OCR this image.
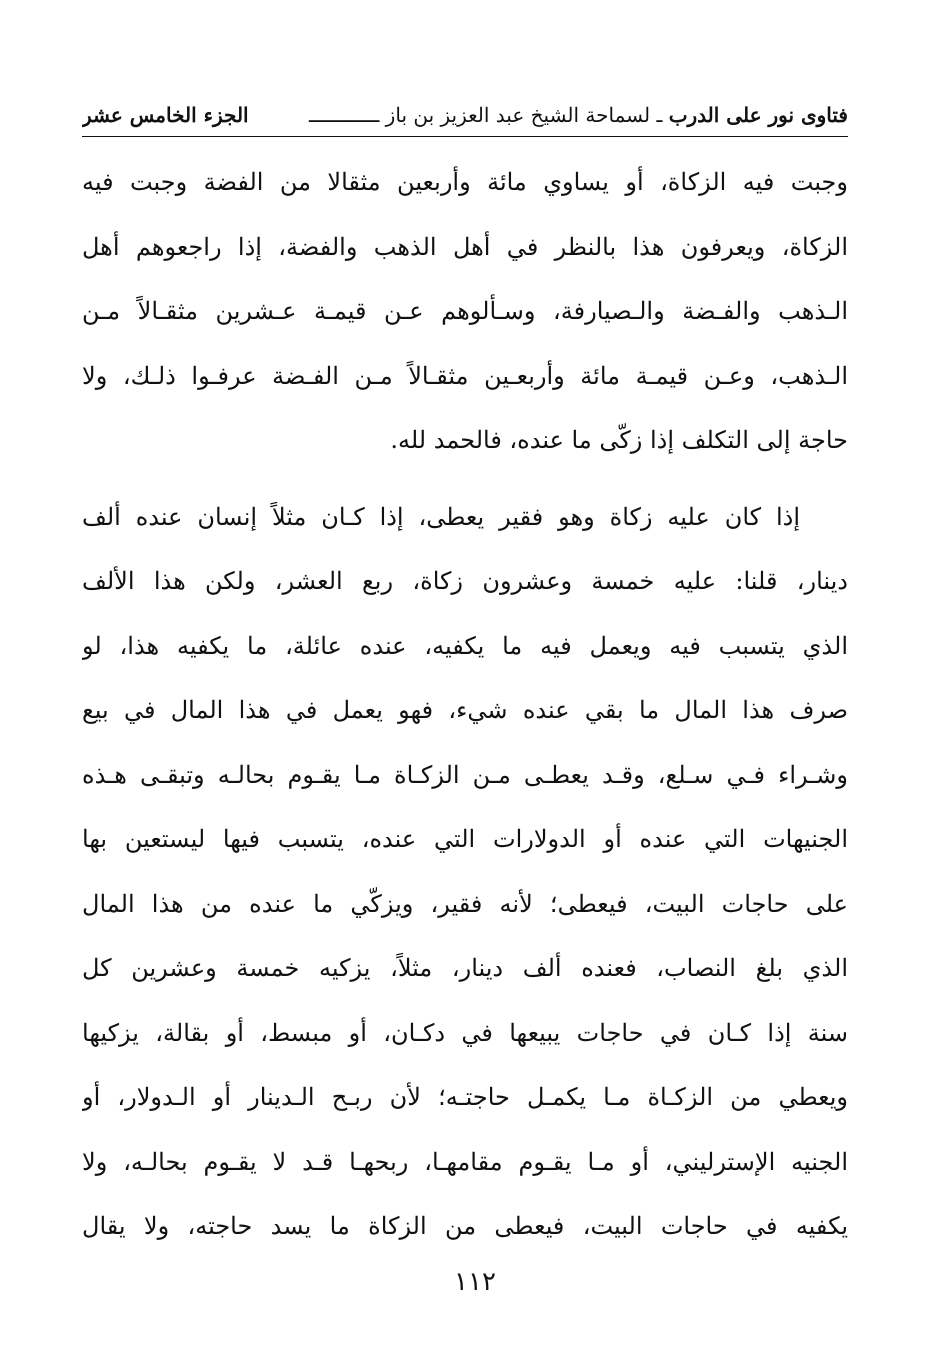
فتاوى نور على الدرب ـ لسماحة الشيخ عبد العزيز بن باز ــــــــــــ
الجزء الخامس عشر
وجبت فيه الزكاة، أو يساوي مائة وأربعين مثقالا من الفضة وجبت فيه
الزكاة، ويعرفون هذا بالنظر في أهل الذهب والفضة، إذا راجعوهم أهل
الـذهب والفـضة والـصيارفة، وسـألوهم عـن قيمـة عـشرين مثقـالاً مـن
الـذهب، وعـن قيمـة مائة وأربعـين مثقـالاً مـن الفـضة عرفـوا ذلـك، ولا
حاجة إلى التكلف إذا زكّى ما عنده، فالحمد لله.
إذا كان عليه زكاة وهو فقير يعطى، إذا كـان مثلاً إنسان عنده ألف
دينار، قلنا: عليه خمسة وعشرون زكاة، ربع العشر، ولكن هذا الألف
الذي يتسبب فيه ويعمل فيه ما يكفيه، عنده عائلة، ما يكفيه هذا، لو
صرف هذا المال ما بقي عنده شيء، فهو يعمل في هذا المال في بيع
وشـراء فـي سـلع، وقـد يعطـى مـن الزكـاة مـا يقـوم بحالـه وتبقـى هـذه
الجنيهات التي عنده أو الدولارات التي عنده، يتسبب فيها ليستعين بها
على حاجات البيت، فيعطى؛ لأنه فقير، ويزكّي ما عنده من هذا المال
الذي بلغ النصاب، فعنده ألف دينار، مثلاً، يزكيه خمسة وعشرين كل
سنة إذا كـان في حاجات يبيعها في دكـان، أو مبسط، أو بقالة، يزكيها
ويعطي من الزكـاة مـا يكمـل حاجتـه؛ لأن ربـح الـدينار أو الـدولار، أو
الجنيه الإسترليني، أو مـا يقـوم مقامهـا، ربحهـا قـد لا يقـوم بحالـه، ولا
يكفيه في حاجات البيت، فيعطى من الزكاة ما يسد حاجته، ولا يقال
١١٢
